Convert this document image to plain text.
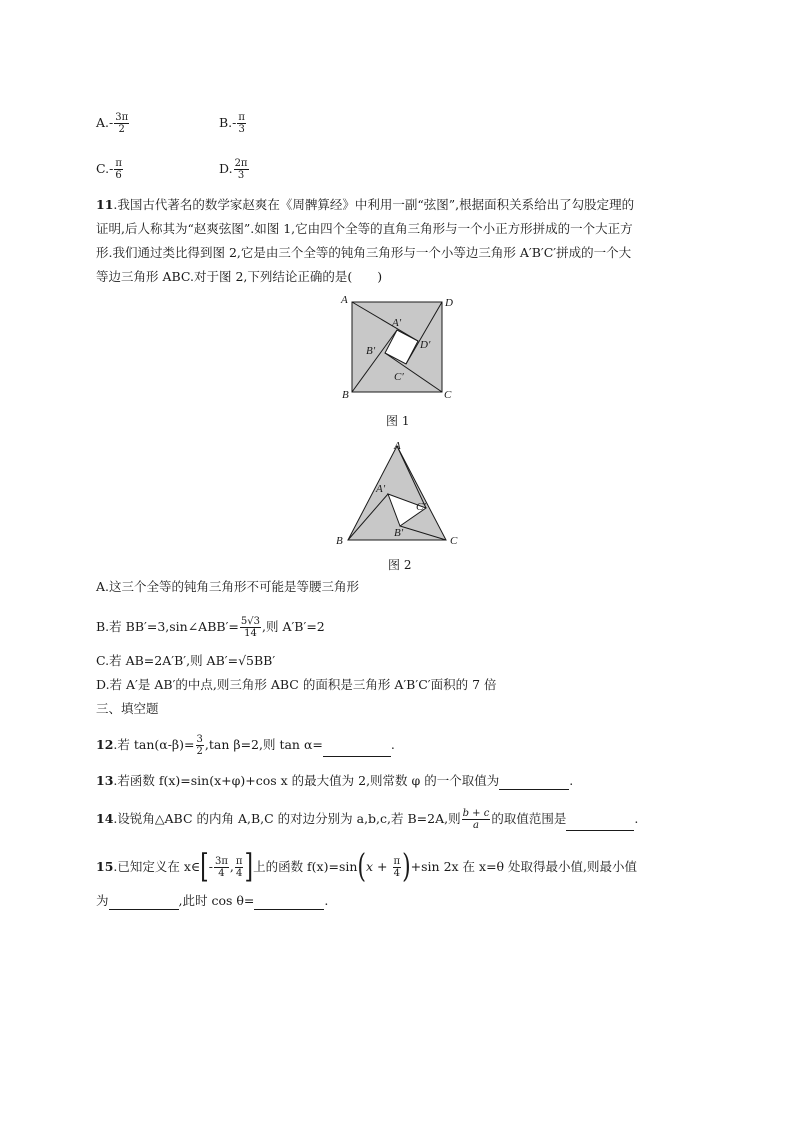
$A.- \frac{3\pi}{2}$	$B.- \frac{\pi}{3}$
$C.- \frac{\pi}{6}$	D. $\frac{2\pi}{3}$
11.我国古代著名的数学家赵爽在《周髀算经》中利用一副“弦图”,根据面积关系给出了勾股定理的
证明,后人称其为“赵爽弦图”.如图 1,它由四个全等的直角三角形与一个小正方形拼成的一个大正方
形.我们通过类比得到图 2,它是由三个全等的钝角三角形与一个小等边三角形 A′B′C′拼成的一个大
等边三角形 ABC.对于图 2,下列结论正确的是(　　)
A	D
B	C
A′
D′
B′
C′
图 1
A
B	C
A′
C′
B′
图 2
A.这三个全等的钝角三角形不可能是等腰三角形
B.若 BB′=3,sin∠ABB′= $\frac{5√3}{14}$ ,则 A′B′=2
C.若 AB=2A′B′,则 AB′=√5BB′
D.若 A′是 AB′的中点,则三角形 ABC 的面积是三角形 A′B′C′面积的 7 倍
三、填空题
12.若 $\tan(\alpha-\beta)= \frac{3}{2} ,\tan$ β=2,则 tan α=	.
13.若函数 f(x)=sin(x+φ)+cos x 的最大值为 2,则常数 φ 的一个取值为	.
14.设锐角△ABC 的内角 A,B,C 的对边分别为 a,b,c,若 B=2A,则 $\frac{b + c}{a}$ 的取值范围是	.
15.已知定义在 x∈[- $\frac{3\pi}{4}$ , $\frac{\pi}{4}$ ]上的函数 $f(x)=\sin(x + \frac{\pi}{4} )+\sin$ 2x 在 x=θ 处取得最小值,则最小值
为	,此时 cos θ=	.
